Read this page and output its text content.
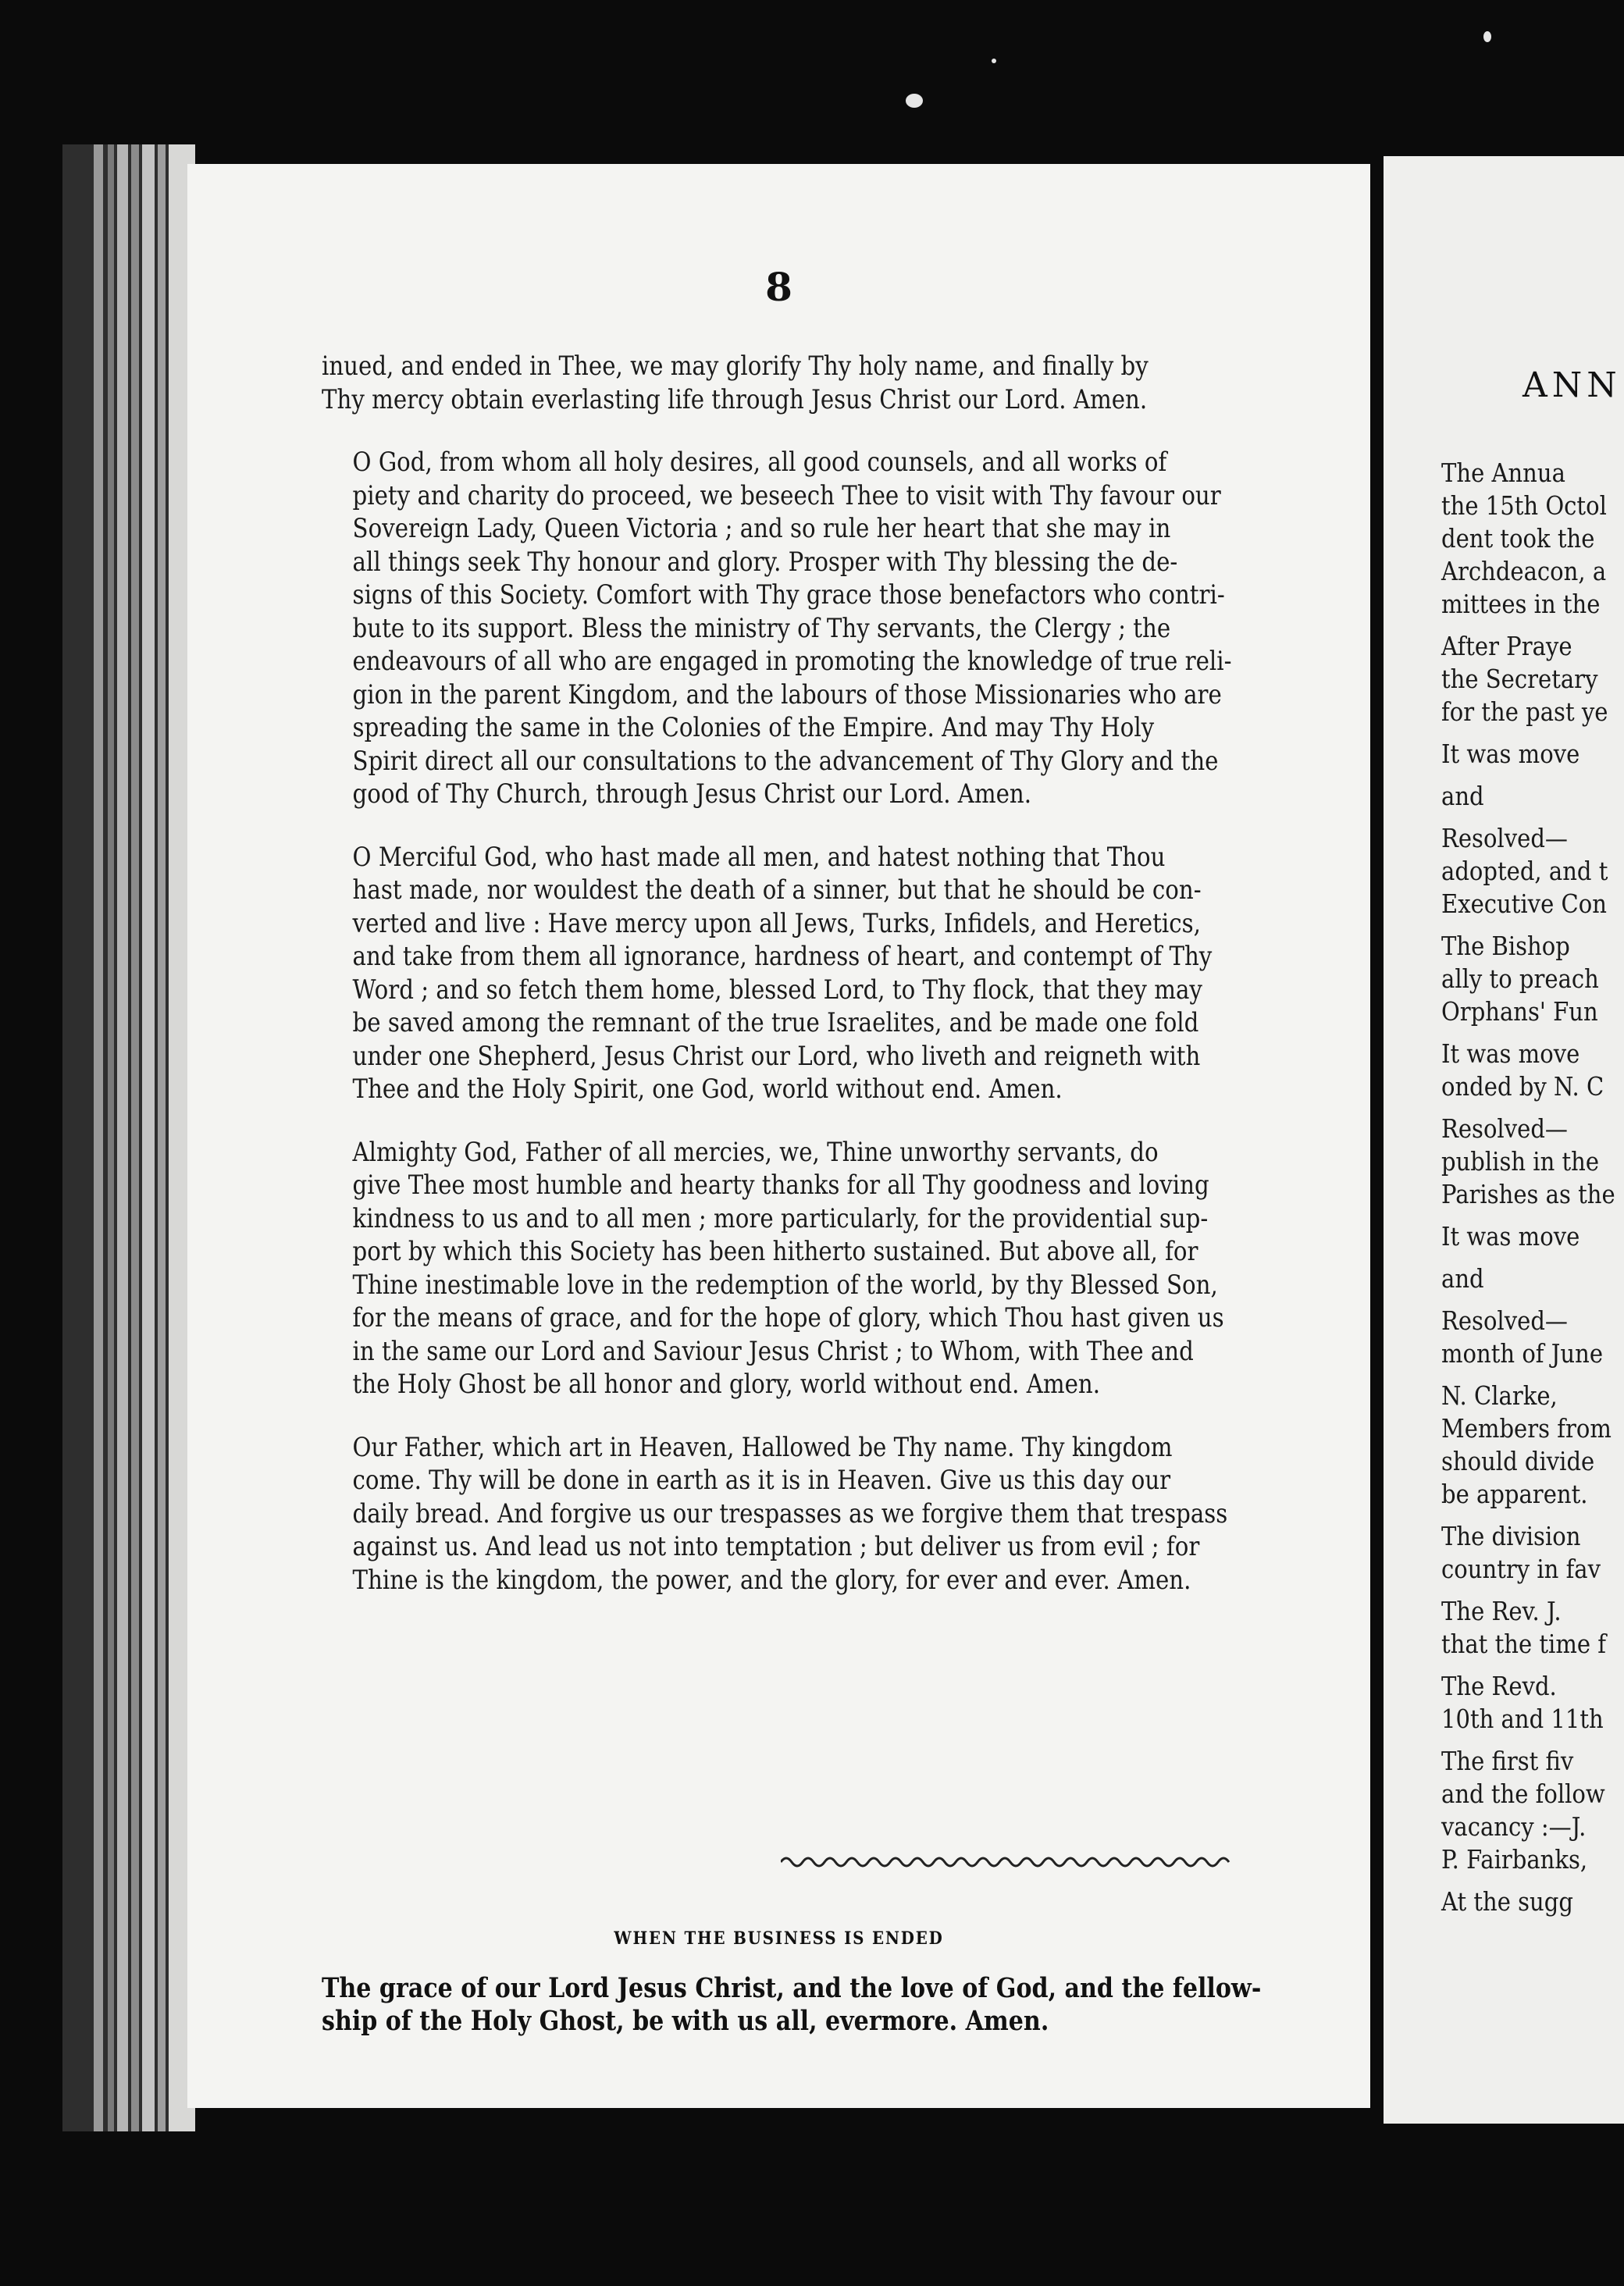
8

inued, and ended in Thee, we may glorify Thy holy name, and finally by
Thy mercy obtain everlasting life through Jesus Christ our Lord. Amen.

O God, from whom all holy desires, all good counsels, and all works of
piety and charity do proceed, we beseech Thee to visit with Thy favour our
Sovereign Lady, Queen Victoria ; and so rule her heart that she may in
all things seek Thy honour and glory. Prosper with Thy blessing the de-
signs of this Society. Comfort with Thy grace those benefactors who contri-
bute to its support. Bless the ministry of Thy servants, the Clergy ; the
endeavours of all who are engaged in promoting the knowledge of true reli-
gion in the parent Kingdom, and the labours of those Missionaries who are
spreading the same in the Colonies of the Empire. And may Thy Holy
Spirit direct all our consultations to the advancement of Thy Glory and the
good of Thy Church, through Jesus Christ our Lord. Amen.

O Merciful God, who hast made all men, and hatest nothing that Thou
hast made, nor wouldest the death of a sinner, but that he should be con-
verted and live : Have mercy upon all Jews, Turks, Infidels, and Heretics,
and take from them all ignorance, hardness of heart, and contempt of Thy
Word ; and so fetch them home, blessed Lord, to Thy flock, that they may
be saved among the remnant of the true Israelites, and be made one fold
under one Shepherd, Jesus Christ our Lord, who liveth and reigneth with
Thee and the Holy Spirit, one God, world without end. Amen.

Almighty God, Father of all mercies, we, Thine unworthy servants, do
give Thee most humble and hearty thanks for all Thy goodness and loving
kindness to us and to all men ; more particularly, for the providential sup-
port by which this Society has been hitherto sustained. But above all, for
Thine inestimable love in the redemption of the world, by thy Blessed Son,
for the means of grace, and for the hope of glory, which Thou hast given us
in the same our Lord and Saviour Jesus Christ ; to Whom, with Thee and
the Holy Ghost be all honor and glory, world without end. Amen.

Our Father, which art in Heaven, Hallowed be Thy name. Thy kingdom
come. Thy will be done in earth as it is in Heaven. Give us this day our
daily bread. And forgive us our trespasses as we forgive them that trespass
against us. And lead us not into temptation ; but deliver us from evil ; for
Thine is the kingdom, the power, and the glory, for ever and ever. Amen.

WHEN THE BUSINESS IS ENDED
The grace of our Lord Jesus Christ, and the love of God, and the fellow-
ship of the Holy Ghost, be with us all, evermore. Amen.
ANN
The Annua
the 15th Octol
dent took the
Archdeacon, a
mittees in the
After Praye
the Secretary
for the past ye
It was move
and
Resolved—
adopted, and t
Executive Con
The Bishop
ally to preach
Orphans' Fun
It was move
onded by N. C
Resolved—
publish in the
Parishes as the
It was move
and
Resolved—
month of June
N. Clarke,
Members from
should divide
be apparent.
The division
country in fav
The Rev. J.
that the time f
The Revd.
10th and 11th
The first fiv
and the follow
vacancy :—J.
P. Fairbanks,
At the sugg
